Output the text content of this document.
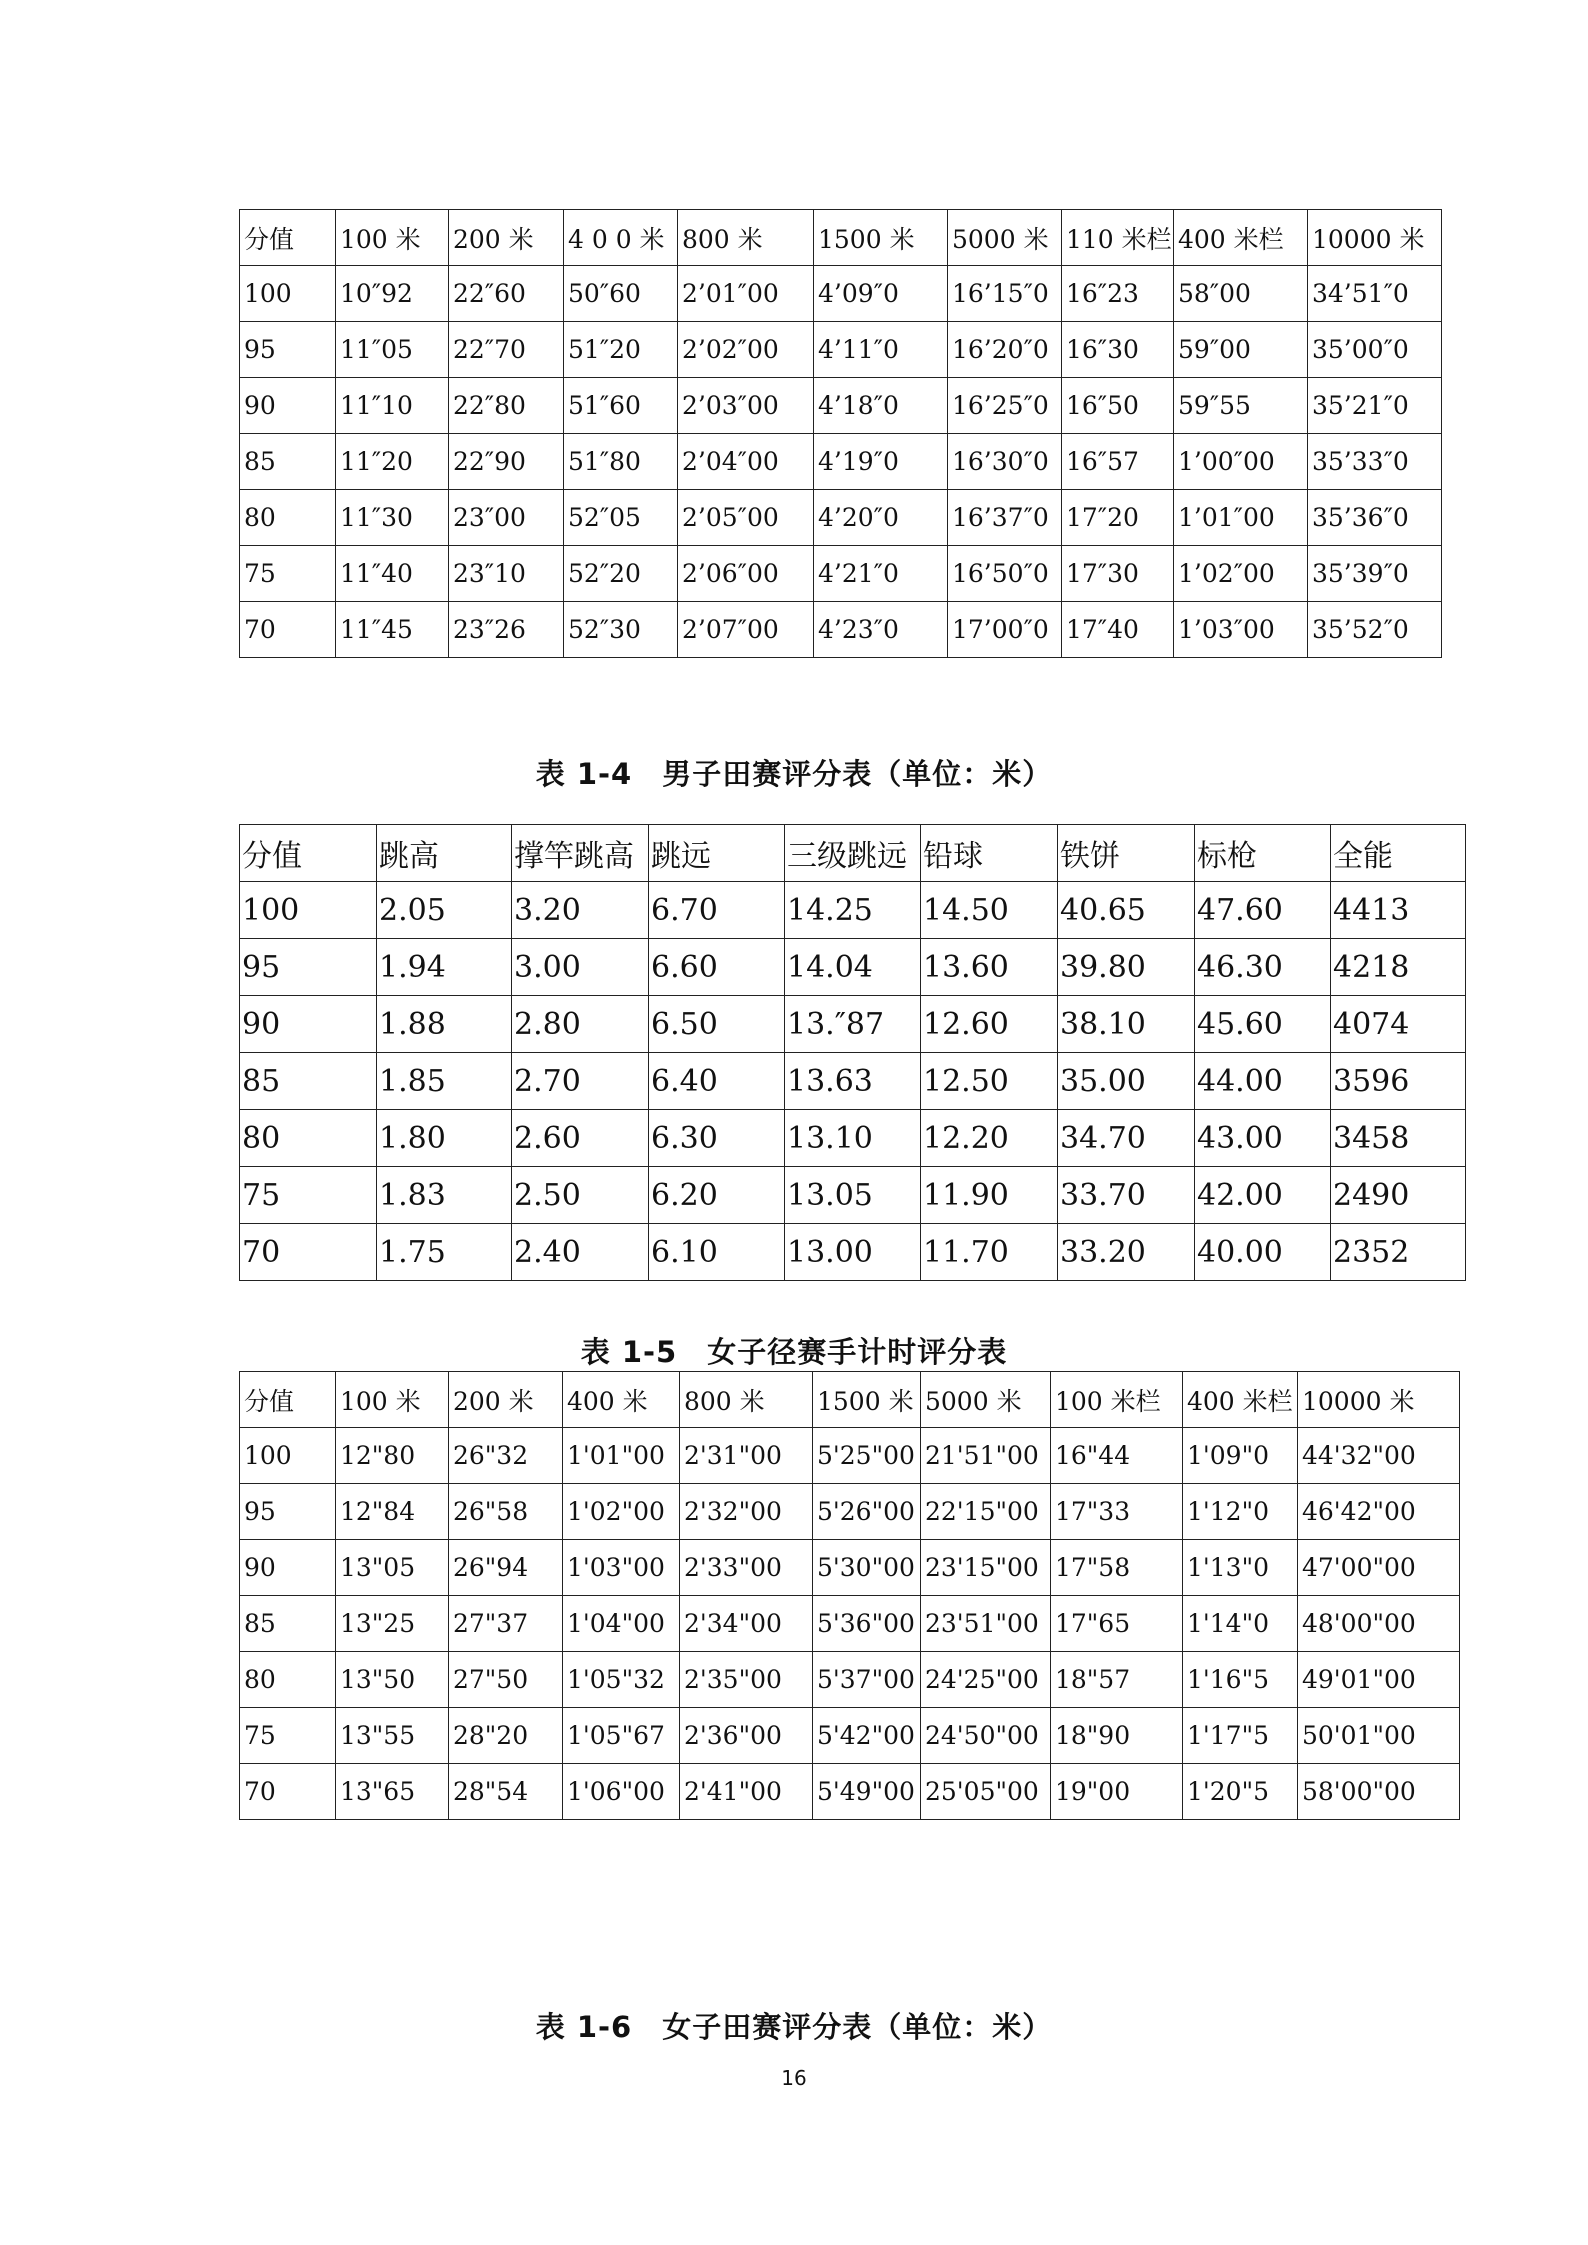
分值	100 米	200 米	4 0 0 米	800 米	1500 米	5000 米	110 米栏	400 米栏	10000 米
100	10″92	22″60	50″60	2’01″00	4’09″0	16’15″0	16″23	58″00	34’51″0
95	11″05	22″70	51″20	2’02″00	4’11″0	16’20″0	16″30	59″00	35’00″0
90	11″10	22″80	51″60	2’03″00	4’18″0	16’25″0	16″50	59″55	35’21″0
85	11″20	22″90	51″80	2’04″00	4’19″0	16’30″0	16″57	1’00″00	35’33″0
80	11″30	23″00	52″05	2’05″00	4’20″0	16’37″0	17″20	1’01″00	35’36″0
75	11″40	23″10	52″20	2’06″00	4’21″0	16’50″0	17″30	1’02″00	35’39″0
70	11″45	23″26	52″30	2’07″00	4’23″0	17’00″0	17″40	1’03″00	35’52″0
表 1-4　男子田赛评分表（单位：米）
分值	跳高	撑竿跳高	跳远	三级跳远	铅球	铁饼	标枪	全能
100	2.05	3.20	6.70	14.25	14.50	40.65	47.60	4413
95	1.94	3.00	6.60	14.04	13.60	39.80	46.30	4218
90	1.88	2.80	6.50	13.″87	12.60	38.10	45.60	4074
85	1.85	2.70	6.40	13.63	12.50	35.00	44.00	3596
80	1.80	2.60	6.30	13.10	12.20	34.70	43.00	3458
75	1.83	2.50	6.20	13.05	11.90	33.70	42.00	2490
70	1.75	2.40	6.10	13.00	11.70	33.20	40.00	2352
表 1-5　女子径赛手计时评分表
分值	100 米	200 米	400 米	800 米	1500 米	5000 米	100 米栏	400 米栏	10000 米
100	12"80	26"32	1'01"00	2'31"00	5'25"00	21'51"00	16"44	1'09"0	44'32"00
95	12"84	26"58	1'02"00	2'32"00	5'26"00	22'15"00	17"33	1'12"0	46'42"00
90	13"05	26"94	1'03"00	2'33"00	5'30"00	23'15"00	17"58	1'13"0	47'00"00
85	13"25	27"37	1'04"00	2'34"00	5'36"00	23'51"00	17"65	1'14"0	48'00"00
80	13"50	27"50	1'05"32	2'35"00	5'37"00	24'25"00	18"57	1'16"5	49'01"00
75	13"55	28"20	1'05"67	2'36"00	5'42"00	24'50"00	18"90	1'17"5	50'01"00
70	13"65	28"54	1'06"00	2'41"00	5'49"00	25'05"00	19"00	1'20"5	58'00"00
表 1-6　女子田赛评分表（单位：米）
16
